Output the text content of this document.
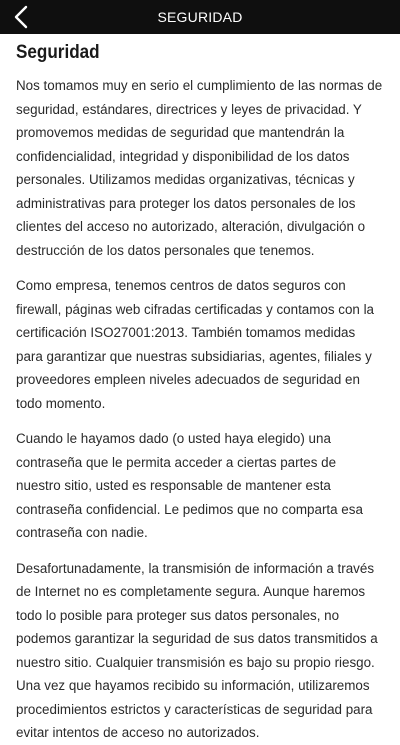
SEGURIDAD
Seguridad

Nos tomamos muy en serio el cumplimiento de las normas de seguridad, estándares, directrices y leyes de privacidad. Y promovemos medidas de seguridad que mantendrán la confidencialidad, integridad y disponibilidad de los datos personales. Utilizamos medidas organizativas, técnicas y administrativas para proteger los datos personales de los clientes del acceso no autorizado, alteración, divulgación o destrucción de los datos personales que tenemos.

Como empresa, tenemos centros de datos seguros con firewall, páginas web cifradas certificadas y contamos con la certificación ISO27001:2013. También tomamos medidas para garantizar que nuestras subsidiarias, agentes, filiales y proveedores empleen niveles adecuados de seguridad en todo momento.

Cuando le hayamos dado (o usted haya elegido) una contraseña que le permita acceder a ciertas partes de nuestro sitio, usted es responsable de mantener esta contraseña confidencial. Le pedimos que no comparta esa contraseña con nadie.

Desafortunadamente, la transmisión de información a través de Internet no es completamente segura. Aunque haremos todo lo posible para proteger sus datos personales, no podemos garantizar la seguridad de sus datos transmitidos a nuestro sitio. Cualquier transmisión es bajo su propio riesgo. Una vez que hayamos recibido su información, utilizaremos procedimientos estrictos y características de seguridad para evitar intentos de acceso no autorizados.
